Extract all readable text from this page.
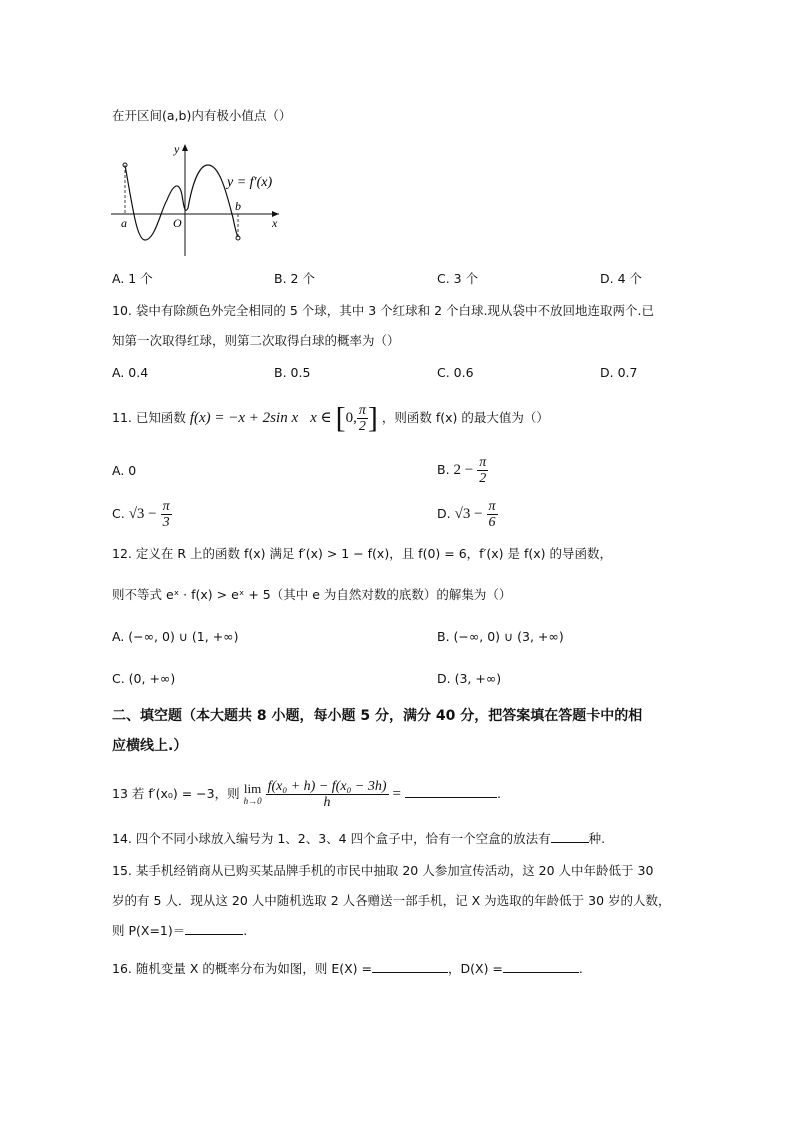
在开区间(a,b)内有极小值点（）
y
x
O
a
b
y = f′(x)
A. 1 个	B. 2 个	C. 3 个	D. 4 个
10. 袋中有除颜色外完全相同的 5 个球，其中 3 个红球和 2 个白球.现从袋中不放回地连取两个.已
知第一次取得红球，则第二次取得白球的概率为（）
A. 0.4	B. 0.5	C. 0.6	D. 0.7
11. 已知函数 f(x) = −x + 2sin x x ∈ [0, $\frac{\pi}{2}$ ] ，则函数 f(x) 的最大值为（）
A. 0	B. $2 - \frac{\pi}{2}$
C. $√3 - \frac{\pi}{3}$	D. $√3 - \frac{\pi}{6}$
12. 定义在 R 上的函数 f(x) 满足 f′(x) > 1 − f(x)，且 f(0) = 6，f′(x) 是 f(x) 的导函数，
则不等式 eˣ · f(x) > eˣ + 5（其中 e 为自然对数的底数）的解集为（）
A. (−∞, 0) ∪ (1, +∞)	B. (−∞, 0) ∪ (3, +∞)
C. (0, +∞)	D. (3, +∞)
二、填空题（本大题共 8 小题，每小题 5 分，满分 40 分，把答案填在答题卡中的相
应横线上.）
13 若 f′(x₀) = −3，则 lim
h→0
$\frac{\text{f(x₀ + h) − f(x₀ − 3h)}}{h}$ =	.
14. 四个不同小球放入编号为 1、2、3、4 四个盒子中，恰有一个空盒的放法有	种.
15. 某手机经销商从已购买某品牌手机的市民中抽取 20 人参加宣传活动，这 20 人中年龄低于 30
岁的有 5 人．现从这 20 人中随机选取 2 人各赠送一部手机，记 X 为选取的年龄低于 30 岁的人数，
则 P(X=1)＝	.
16. 随机变量 X 的概率分布为如图，则 E(X) =	，D(X) =	.
